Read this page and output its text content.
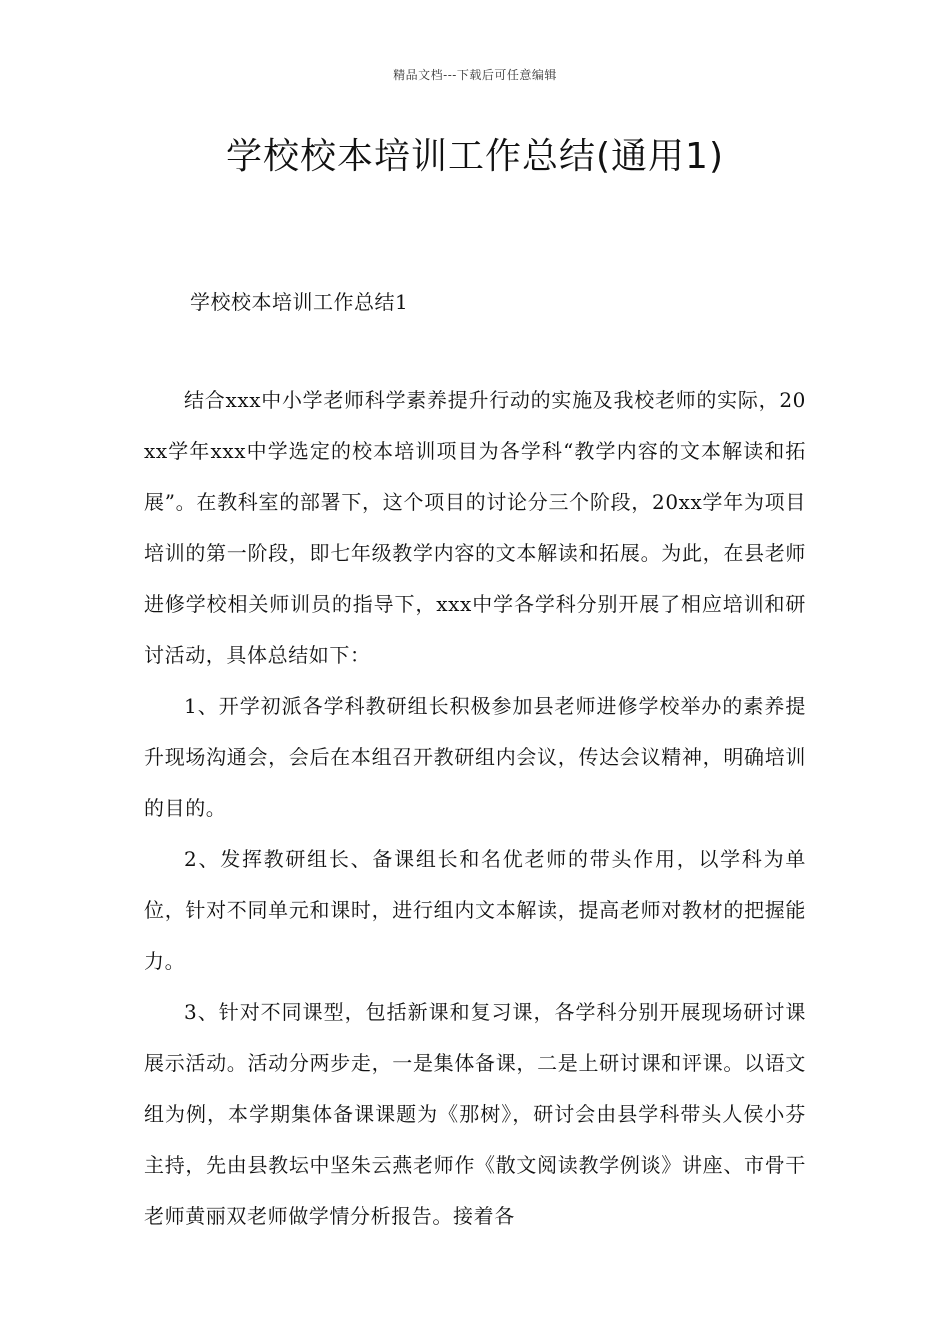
精品文档---下载后可任意编辑
学校校本培训工作总结(通用1)
学校校本培训工作总结1

结合xxx中小学老师科学素养提升行动的实施及我校老师的实际，20xx学年xxx中学选定的校本培训项目为各学科“教学内容的文本解读和拓展”。在教科室的部署下，这个项目的讨论分三个阶段，20xx学年为项目培训的第一阶段，即七年级教学内容的文本解读和拓展。为此，在县老师进修学校相关师训员的指导下，xxx中学各学科分别开展了相应培训和研讨活动，具体总结如下：

1、开学初派各学科教研组长积极参加县老师进修学校举办的素养提升现场沟通会，会后在本组召开教研组内会议，传达会议精神，明确培训的目的。

2、发挥教研组长、备课组长和名优老师的带头作用，以学科为单位，针对不同单元和课时，进行组内文本解读，提高老师对教材的把握能力。

3、针对不同课型，包括新课和复习课，各学科分别开展现场研讨课展示活动。活动分两步走，一是集体备课，二是上研讨课和评课。以语文组为例，本学期集体备课课题为《那树》，研讨会由县学科带头人侯小芬主持，先由县教坛中坚朱云燕老师作《散文阅读教学例谈》讲座、市骨干老师黄丽双老师做学情分析报告。接着各
